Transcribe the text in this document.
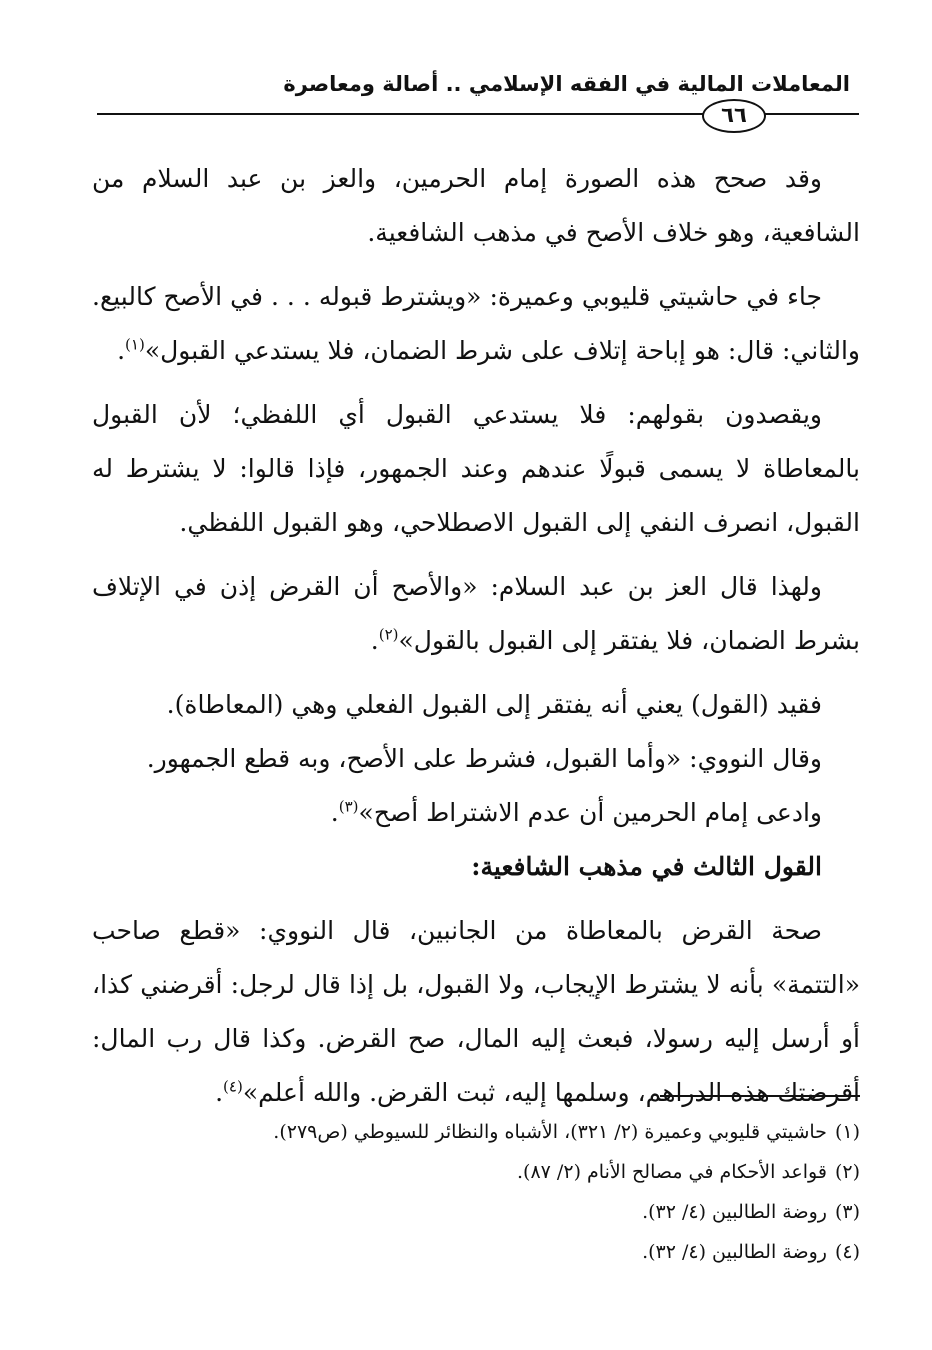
المعاملات المالية في الفقه الإسلامي .. أصالة ومعاصرة
٦٦

وقد صحح هذه الصورة إمام الحرمين، والعز بن عبد السلام من الشافعية، وهو خلاف الأصح في مذهب الشافعية.

جاء في حاشيتي قليوبي وعميرة: «ويشترط قبوله . . . في الأصح كالبيع. والثاني: قال: هو إباحة إتلاف على شرط الضمان، فلا يستدعي القبول»$^{(١)}$.

ويقصدون بقولهم: فلا يستدعي القبول أي اللفظي؛ لأن القبول بالمعاطاة لا يسمى قبولًا عندهم وعند الجمهور، فإذا قالوا: لا يشترط له القبول، انصرف النفي إلى القبول الاصطلاحي، وهو القبول اللفظي.

ولهذا قال العز بن عبد السلام: «والأصح أن القرض إذن في الإتلاف بشرط الضمان، فلا يفتقر إلى القبول بالقول»$^{(٢)}$.

فقيد (القول) يعني أنه يفتقر إلى القبول الفعلي وهي (المعاطاة).

وقال النووي: «وأما القبول، فشرط على الأصح، وبه قطع الجمهور.

وادعى إمام الحرمين أن عدم الاشتراط أصح»$^{(٣)}$.

القول الثالث في مذهب الشافعية:

صحة القرض بالمعاطاة من الجانبين، قال النووي: «قطع صاحب «التتمة» بأنه لا يشترط الإيجاب، ولا القبول، بل إذا قال لرجل: أقرضني كذا، أو أرسل إليه رسولا، فبعث إليه المال، صح القرض. وكذا قال رب المال: أقرضتك هذه الدراهم، وسلمها إليه، ثبت القرض. والله أعلم»$^{(٤)}$.

(١)حاشيتي قليوبي وعميرة (٢/ ٣٢١)، الأشباه والنظائر للسيوطي (ص٢٧٩).

(٢)قواعد الأحكام في مصالح الأنام (٢/ ٨٧).

(٣)روضة الطالبين (٤/ ٣٢).

(٤)روضة الطالبين (٤/ ٣٢).
